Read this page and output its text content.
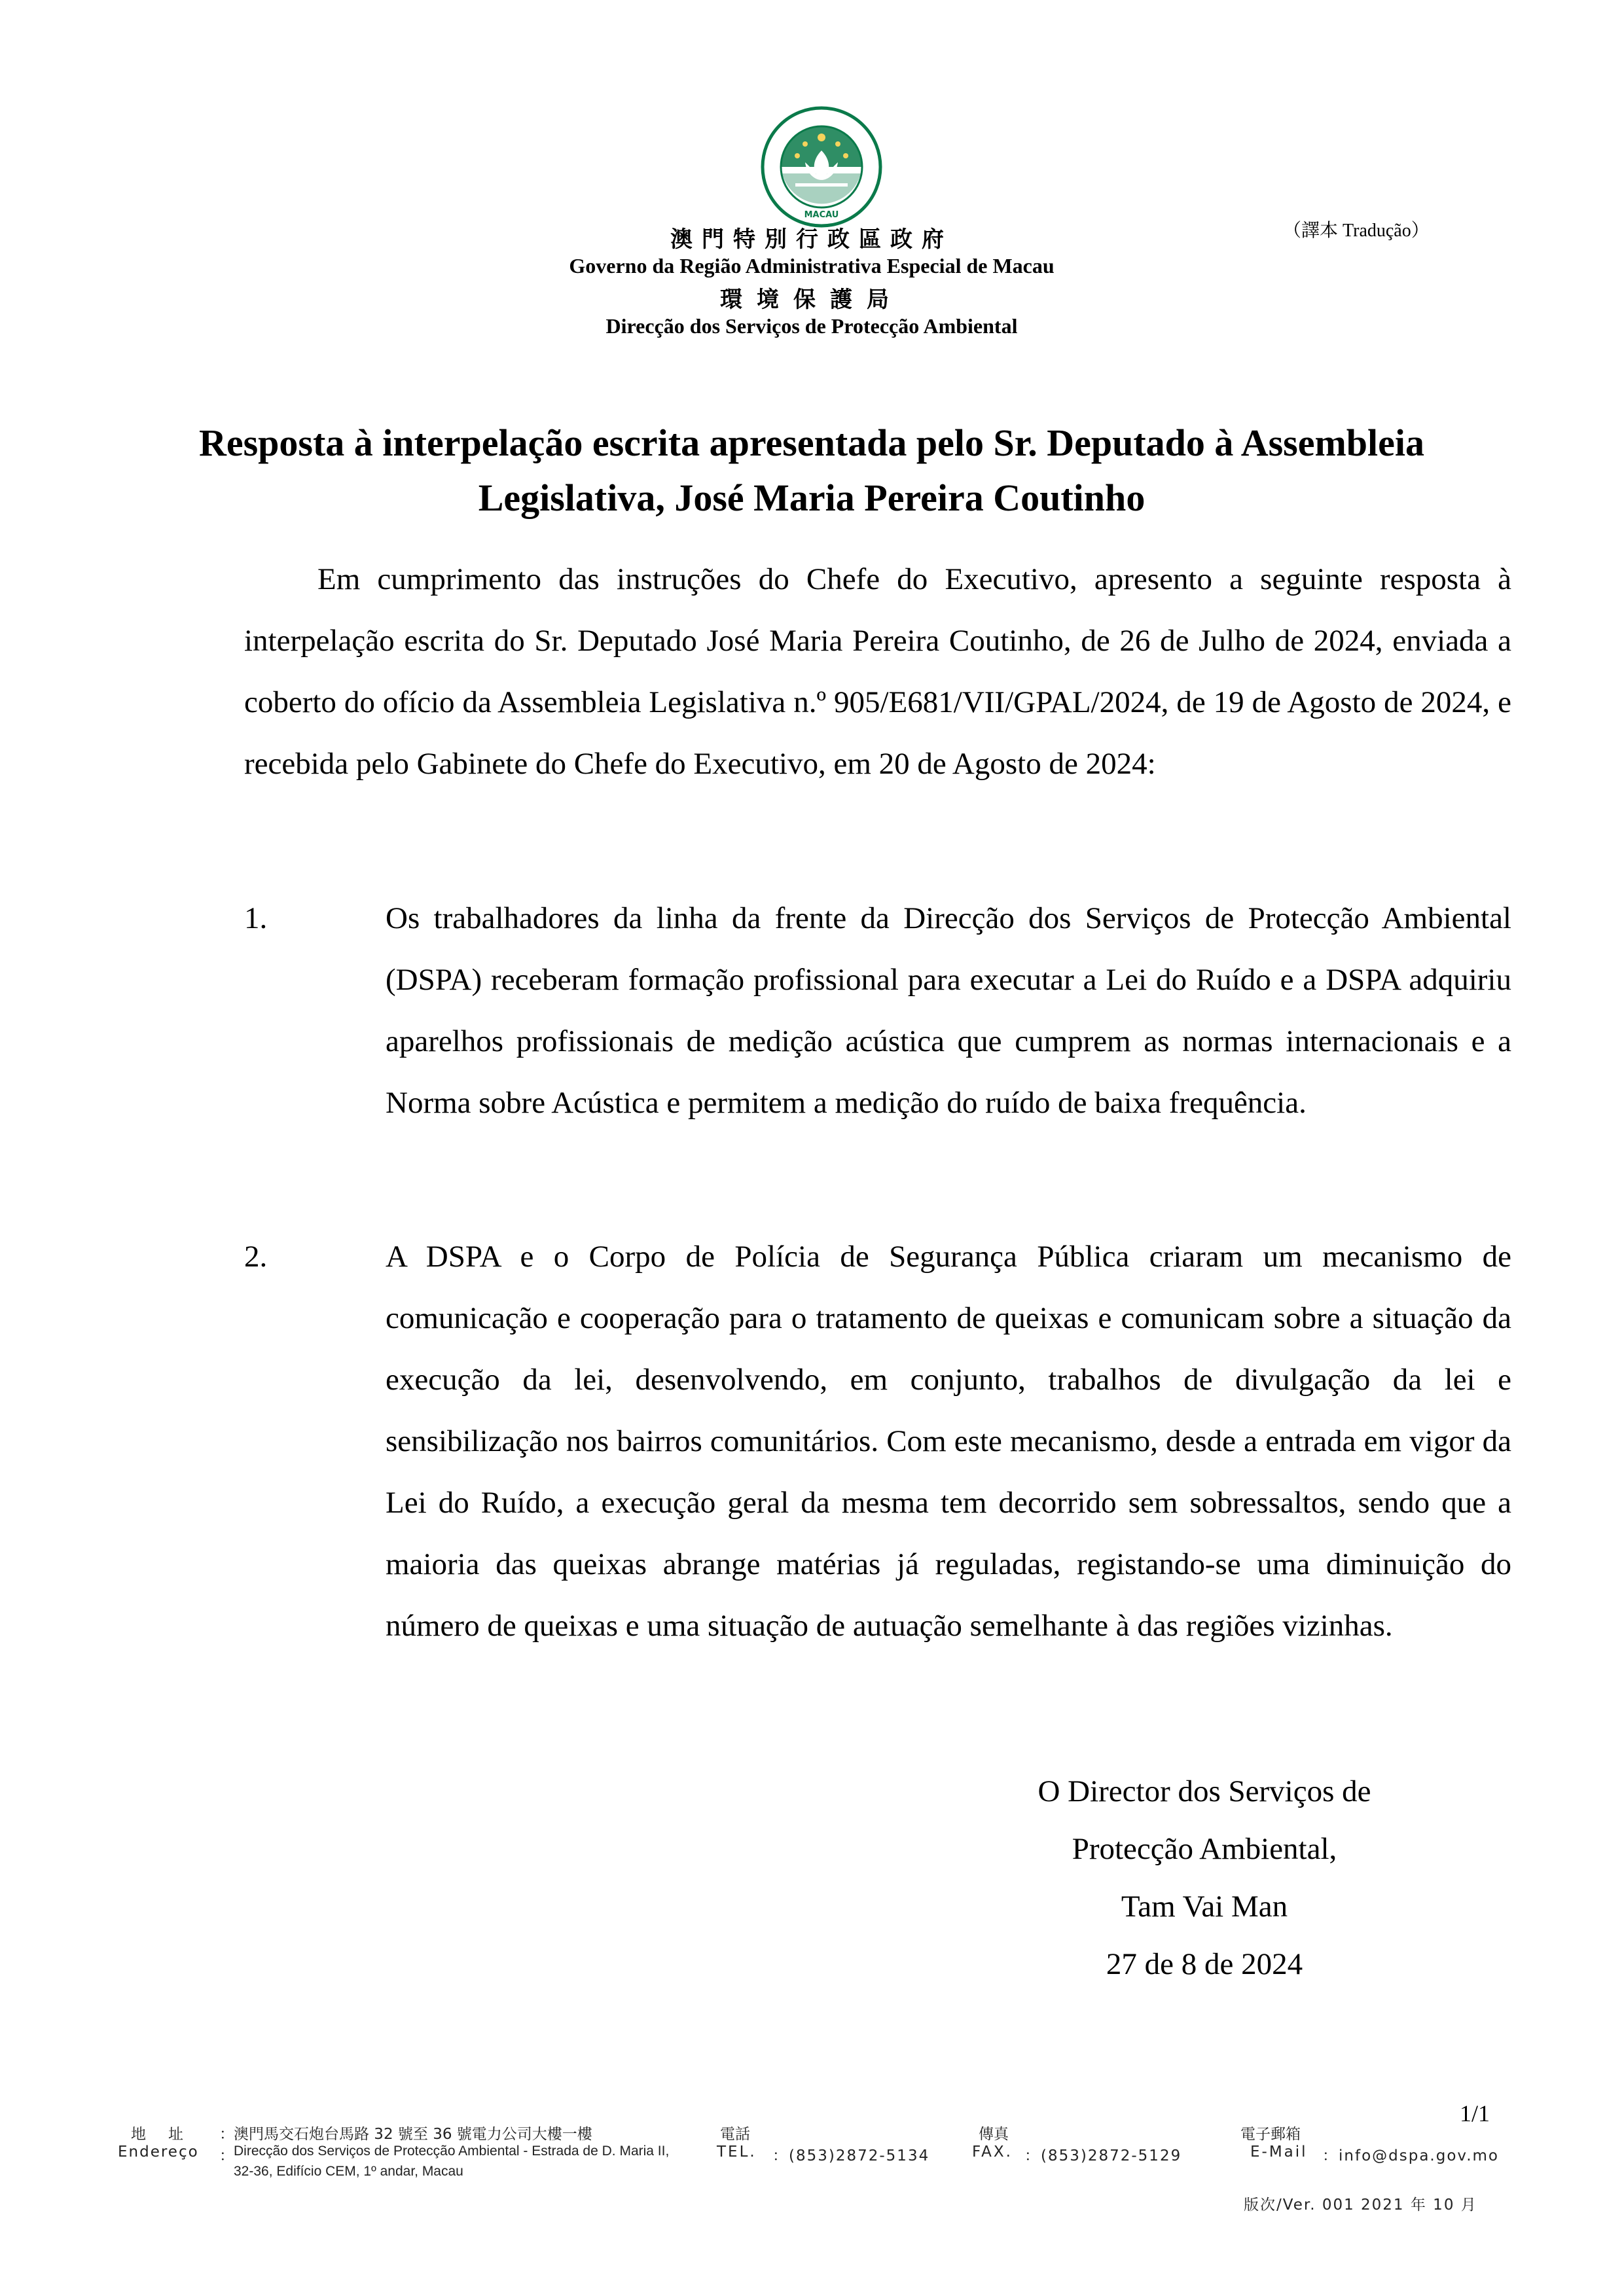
MACAU
（譯本 Tradução）
澳門特別行政區政府
Governo da Região Administrativa Especial de Macau
環境保護局
Direcção dos Serviços de Protecção Ambiental
Resposta à interpelação escrita apresentada pelo Sr. Deputado à Assembleia Legislativa, José Maria Pereira Coutinho
Em cumprimento das instruções do Chefe do Executivo, apresento a seguinte resposta à interpelação escrita do Sr. Deputado José Maria Pereira Coutinho, de 26 de Julho de 2024, enviada a coberto do ofício da Assembleia Legislativa n.º 905/E681/VII/GPAL/2024, de 19 de Agosto de 2024, e recebida pelo Gabinete do Chefe do Executivo, em 20 de Agosto de 2024:
1.	Os trabalhadores da linha da frente da Direcção dos Serviços de Protecção Ambiental (DSPA) receberam formação profissional para executar a Lei do Ruído e a DSPA adquiriu aparelhos profissionais de medição acústica que cumprem as normas internacionais e a Norma sobre Acústica e permitem a medição do ruído de baixa frequência.
2.	A DSPA e o Corpo de Polícia de Segurança Pública criaram um mecanismo de comunicação e cooperação para o tratamento de queixas e comunicam sobre a situação da execução da lei, desenvolvendo, em conjunto, trabalhos de divulgação da lei e sensibilização nos bairros comunitários. Com este mecanismo, desde a entrada em vigor da Lei do Ruído, a execução geral da mesma tem decorrido sem sobressaltos, sendo que a maioria das queixas abrange matérias já reguladas, registando-se uma diminuição do número de queixas e uma situação de autuação semelhante à das regiões vizinhas.
O Director dos Serviços de
Protecção Ambiental,
Tam Vai Man
27 de 8 de 2024
1/1
地址
Endereço
：
：
澳門馬交石炮台馬路 32 號至 36 號電力公司大樓一樓
Direcção dos Serviços de Protecção Ambiental - Estrada de D. Maria II,
32-36, Edifício CEM, 1º andar, Macau
電話
TEL. ：(853)2872-5134
傳真
FAX. ：(853)2872-5129
電子郵箱
E-Mail ：info@dspa.gov.mo
版次/Ver. 001 2021 年 10 月
